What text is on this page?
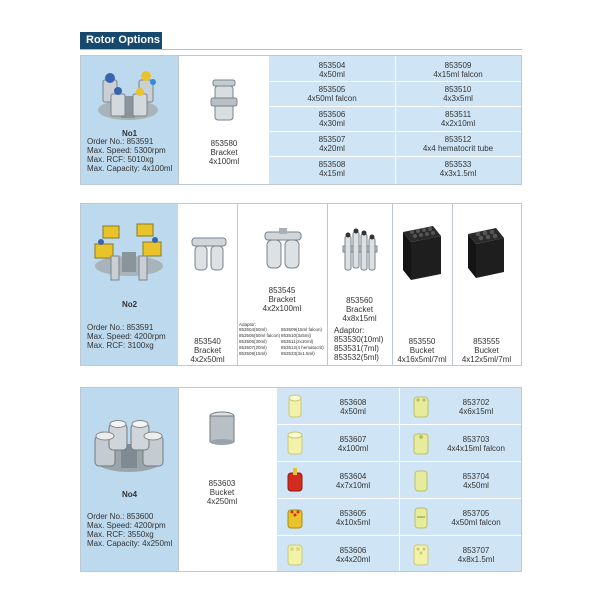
Rotor Options
No1
Order No.: 853591
Max. Speed: 5300rpm
Max. RCF: 5010xg
Max. Capacity: 4x100ml
853580
Bracket
4x100ml
853504
4x50ml
853505
4x50ml falcon
853506
4x30ml
853507
4x20ml
853508
4x15ml
853509
4x15ml falcon
853510
4x3x5ml
853511
4x2x10ml
853512
4x4 hematocrit tube
853533
4x3x1.5ml
No2
Order No.: 853591
Max. Speed: 4200rpm
Max. RCF: 3100xg	853540
Bracket
4x2x50ml
853545
Bracket
4x2x100ml
Adaptor:
853504(50ml)
853505(50ml falcon)
853506(30ml)
853507(20ml)
853508(15ml)
853509(15ml falcon)
853510(3x5ml)
853511(2x10ml)
853512(4 hematocrit)
853533(3x1.5ml)
853560
Bracket
4x8x15ml
Adaptor:
853530(10ml)
853531(7ml)
853532(5ml)
853550
Bucket
4x16x5ml/7ml
853555
Bucket
4x12x5ml/7ml
No4
Order No.: 853600
Max. Speed: 4200rpm
Max. RCF: 3550xg
Max. Capacity: 4x250ml
853603
Bucket
4x250ml
853608
4x50ml
853607
4x100ml
853604
4x7x10ml
853605
4x10x5ml
853606
4x4x20ml
853702
4x6x15ml
853703
4x4x15ml falcon
853704
4x50ml
853705
4x50ml falcon
853707
4x8x1.5ml
